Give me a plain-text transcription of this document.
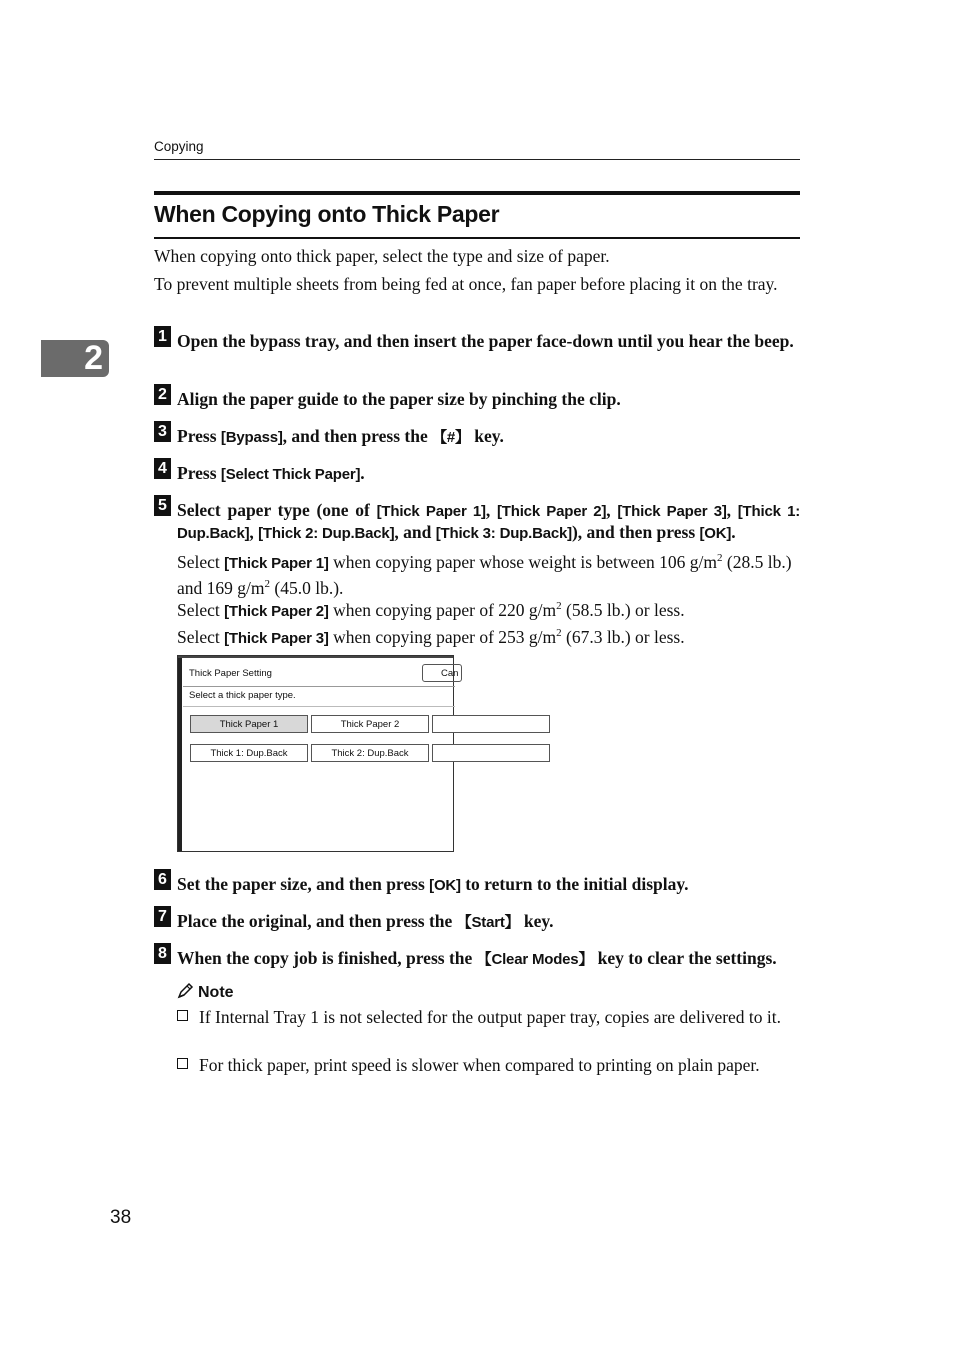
Copying
2
When Copying onto Thick Paper
When copying onto thick paper, select the type and size of paper.
To prevent multiple sheets from being fed at once, fan paper before placing it on the tray.
1 Open the bypass tray, and then insert the paper face-down until you hear the beep.
2 Align the paper guide to the paper size by pinching the clip.
3 Press [Bypass], and then press the 【#】 key.
4 Press [Select Thick Paper].
5 Select paper type (one of [Thick Paper 1], [Thick Paper 2], [Thick Paper 3], [Thick 1: Dup.Back], [Thick 2: Dup.Back], and [Thick 3: Dup.Back]), and then press [OK].
Select [Thick Paper 1] when copying paper whose weight is between 106 $g/m^2$ (28.5 lb.) and 169 $g/m^2$ (45.0 lb.).
Select [Thick Paper 2] when copying paper of 220 $g/m^2$ (58.5 lb.) or less.
Select [Thick Paper 3] when copying paper of 253 $g/m^2$ (67.3 lb.) or less.
Thick Paper Setting	Can
Select a thick paper type.
Thick Paper 1	Thick Paper 2
Thick 1: Dup.Back	Thick 2: Dup.Back
6 Set the paper size, and then press [OK] to return to the initial display.
7 Place the original, and then press the 【Start】 key.
8 When the copy job is finished, press the 【Clear Modes】 key to clear the settings.
Note
If Internal Tray 1 is not selected for the output paper tray, copies are delivered to it.
For thick paper, print speed is slower when compared to printing on plain paper.
38
